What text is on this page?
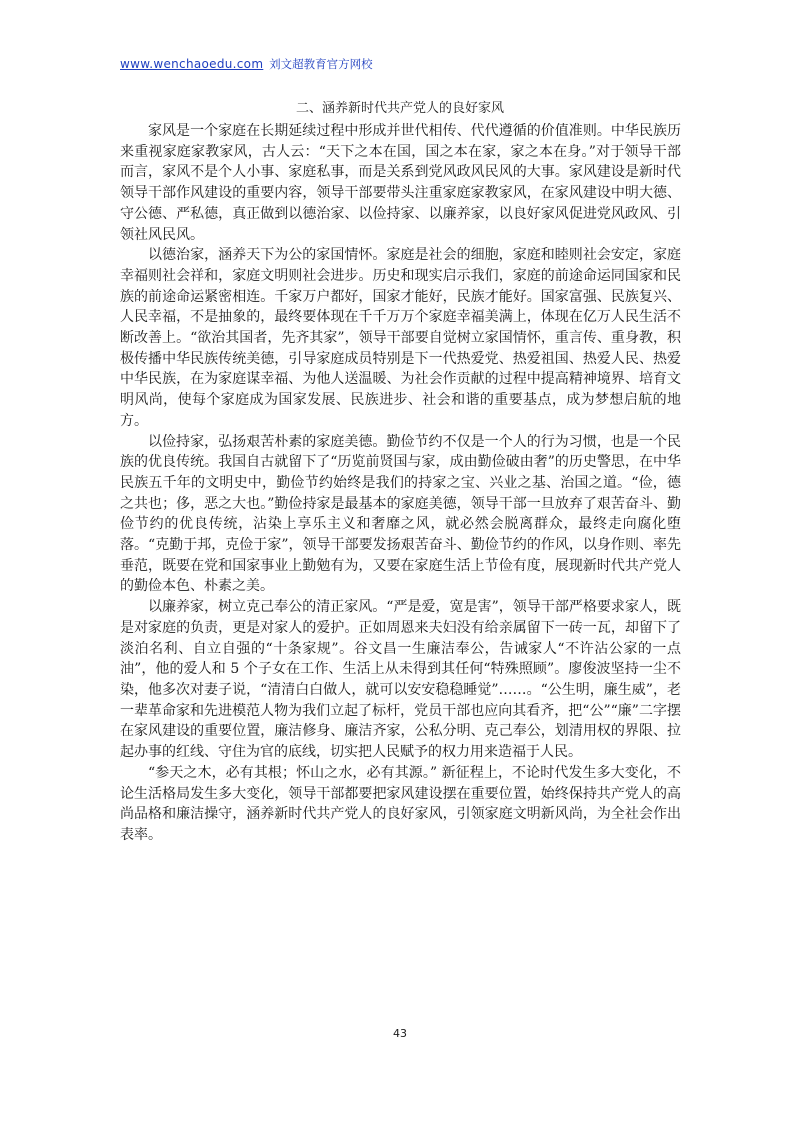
www.wenchaoedu.com 刘文超教育官方网校
二、涵养新时代共产党人的良好家风

家风是一个家庭在长期延续过程中形成并世代相传、代代遵循的价值准则。中华民族历来重视家庭家教家风，古人云：“天下之本在国，国之本在家，家之本在身。”对于领导干部而言，家风不是个人小事、家庭私事，而是关系到党风政风民风的大事。家风建设是新时代领导干部作风建设的重要内容，领导干部要带头注重家庭家教家风，在家风建设中明大德、守公德、严私德，真正做到以德治家、以俭持家、以廉养家，以良好家风促进党风政风、引领社风民风。

以德治家，涵养天下为公的家国情怀。家庭是社会的细胞，家庭和睦则社会安定，家庭幸福则社会祥和，家庭文明则社会进步。历史和现实启示我们，家庭的前途命运同国家和民族的前途命运紧密相连。千家万户都好，国家才能好，民族才能好。国家富强、民族复兴、人民幸福，不是抽象的，最终要体现在千千万万个家庭幸福美满上，体现在亿万人民生活不断改善上。“欲治其国者，先齐其家”，领导干部要自觉树立家国情怀，重言传、重身教，积极传播中华民族传统美德，引导家庭成员特别是下一代热爱党、热爱祖国、热爱人民、热爱中华民族，在为家庭谋幸福、为他人送温暖、为社会作贡献的过程中提高精神境界、培育文明风尚，使每个家庭成为国家发展、民族进步、社会和谐的重要基点，成为梦想启航的地方。

以俭持家，弘扬艰苦朴素的家庭美德。勤俭节约不仅是一个人的行为习惯，也是一个民族的优良传统。我国自古就留下了“历览前贤国与家，成由勤俭破由奢”的历史警思，在中华民族五千年的文明史中，勤俭节约始终是我们的持家之宝、兴业之基、治国之道。“俭，德之共也；侈，恶之大也。”勤俭持家是最基本的家庭美德，领导干部一旦放弃了艰苦奋斗、勤俭节约的优良传统，沾染上享乐主义和奢靡之风，就必然会脱离群众，最终走向腐化堕落。“克勤于邦，克俭于家”，领导干部要发扬艰苦奋斗、勤俭节约的作风，以身作则、率先垂范，既要在党和国家事业上勤勉有为，又要在家庭生活上节俭有度，展现新时代共产党人的勤俭本色、朴素之美。

以廉养家，树立克己奉公的清正家风。“严是爱，宽是害”，领导干部严格要求家人，既是对家庭的负责，更是对家人的爱护。正如周恩来夫妇没有给亲属留下一砖一瓦，却留下了淡泊名利、自立自强的“十条家规”。谷文昌一生廉洁奉公，告诫家人“不许沾公家的一点油”，他的爱人和 5 个子女在工作、生活上从未得到其任何“特殊照顾”。廖俊波坚持一尘不染，他多次对妻子说，“清清白白做人，就可以安安稳稳睡觉”……。“公生明，廉生威”，老一辈革命家和先进模范人物为我们立起了标杆，党员干部也应向其看齐，把“公”“廉”二字摆在家风建设的重要位置，廉洁修身、廉洁齐家，公私分明、克己奉公，划清用权的界限、拉起办事的红线、守住为官的底线，切实把人民赋予的权力用来造福于人民。

“参天之木，必有其根；怀山之水，必有其源。” 新征程上，不论时代发生多大变化，不论生活格局发生多大变化，领导干部都要把家风建设摆在重要位置，始终保持共产党人的高尚品格和廉洁操守，涵养新时代共产党人的良好家风，引领家庭文明新风尚，为全社会作出表率。

43
